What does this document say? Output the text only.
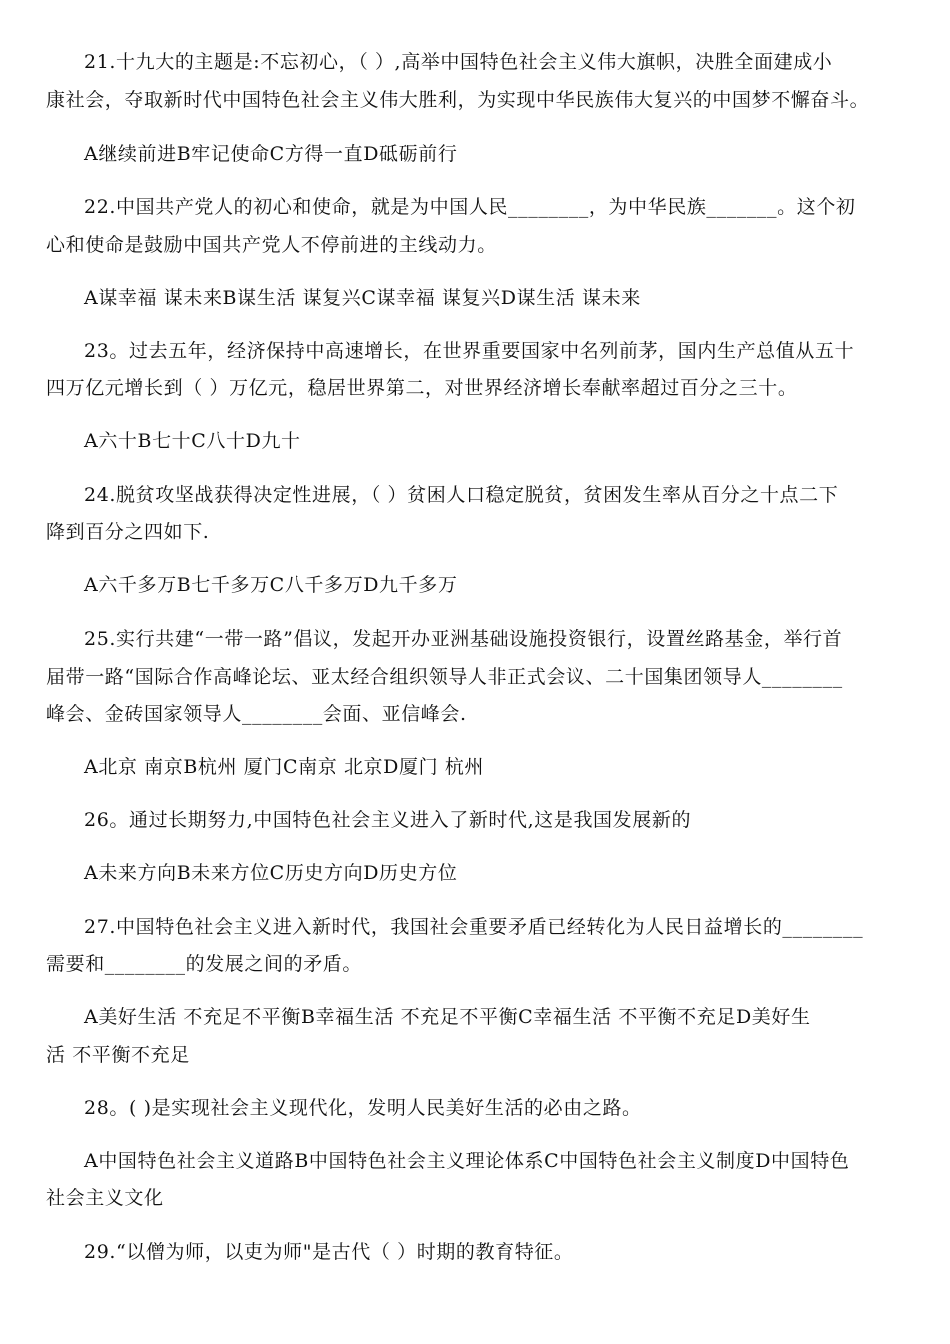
21.十九大的主题是:不忘初心，（ ）,高举中国特色社会主义伟大旗帜，决胜全面建成小
康社会，夺取新时代中国特色社会主义伟大胜利，为实现中华民族伟大复兴的中国梦不懈奋斗。
A继续前进B牢记使命C方得一直D砥砺前行
22.中国共产党人的初心和使命，就是为中国人民________，为中华民族_______。这个初
心和使命是鼓励中国共产党人不停前进的主线动力。
A谋幸福 谋未来B谋生活 谋复兴C谋幸福 谋复兴D谋生活 谋未来
23。过去五年，经济保持中高速增长，在世界重要国家中名列前茅，国内生产总值从五十
四万亿元增长到（ ）万亿元，稳居世界第二，对世界经济增长奉献率超过百分之三十。
A六十B七十C八十D九十
24.脱贫攻坚战获得决定性进展，（ ）贫困人口稳定脱贫，贫困发生率从百分之十点二下
降到百分之四如下.
A六千多万B七千多万C八千多万D九千多万
25.实行共建“一带一路”倡议，发起开办亚洲基础设施投资银行，设置丝路基金，举行首
届带一路“国际合作高峰论坛、亚太经合组织领导人非正式会议、二十国集团领导人________
峰会、金砖国家领导人________会面、亚信峰会.
A北京 南京B杭州 厦门C南京 北京D厦门 杭州
26。通过长期努力,中国特色社会主义进入了新时代,这是我国发展新的
A未来方向B未来方位C历史方向D历史方位
27.中国特色社会主义进入新时代，我国社会重要矛盾已经转化为人民日益增长的________
需要和________的发展之间的矛盾。
A美好生活 不充足不平衡B幸福生活 不充足不平衡C幸福生活 不平衡不充足D美好生
活 不平衡不充足
28。( )是实现社会主义现代化，发明人民美好生活的必由之路。
A中国特色社会主义道路B中国特色社会主义理论体系C中国特色社会主义制度D中国特色
社会主义文化
29.“以僧为师，以吏为师"是古代（ ）时期的教育特征。
